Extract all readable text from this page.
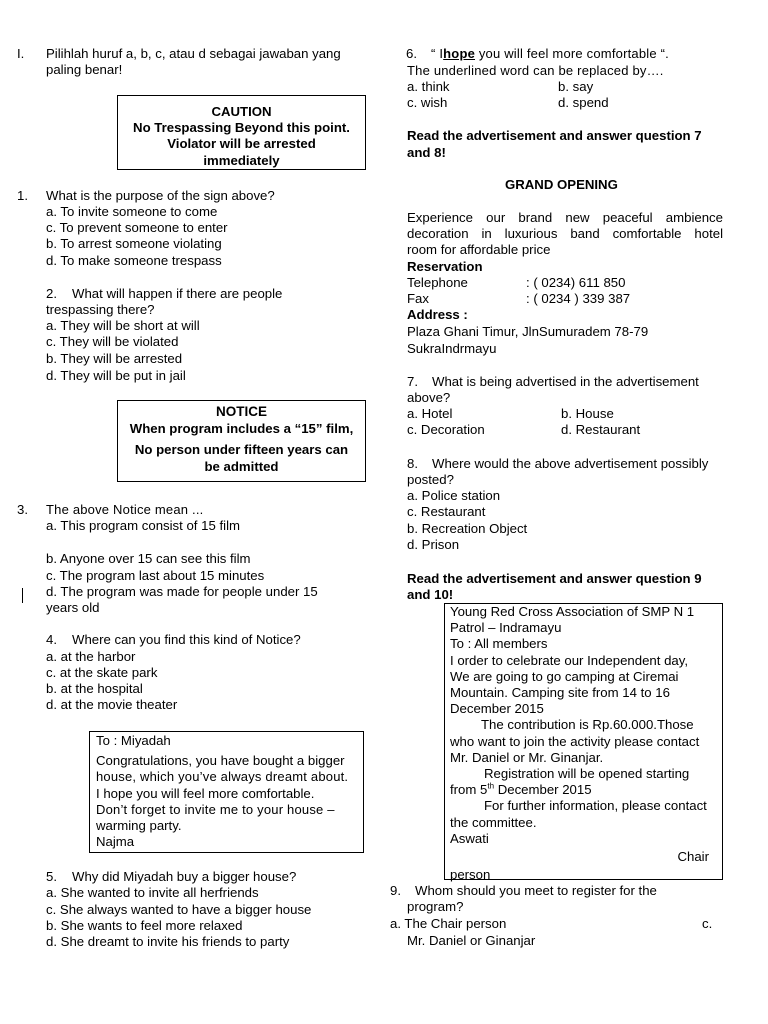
I. Pilihlah huruf a, b, c, atau d sebagai jawaban yang
paling benar!
CAUTION
No Trespassing Beyond this point.
Violator will be arrested
immediately
1. What is the purpose of the sign above?
a. To invite someone to come
c. To prevent someone to enter
b. To arrest someone violating
d. To make someone trespass
2. What will happen if there are people
trespassing there?
a. They will be short at will
c. They will be violated
b. They will be arrested
d. They will be put in jail
NOTICE
When program includes a “15” film,
No person under fifteen years can
be admitted
3. The above Notice mean ...
a. This program consist of 15 film
b. Anyone over 15 can see this film
c. The program last about 15 minutes
d. The program was made for people under 15
years old
4. Where can you find this kind of Notice?
a. at the harbor
c. at the skate park
b. at the hospital
d. at the movie theater
To : Miyadah
Congratulations, you have bought a bigger
house, which you’ve always dreamt about.
I hope you will feel more comfortable.
Don’t forget to invite me to your house –
warming party.
Najma
5. Why did Miyadah buy a bigger house?
a. She wanted to invite all herfriends
c. She always wanted to have a bigger house
b. She wants to feel more relaxed
d. She dreamt to invite his friends to party
6. “ Ihope you will feel more comfortable “.
The underlined word can be replaced by….
a. think	b. say
c. wish	d. spend
Read the advertisement and answer question 7
and 8!
GRAND OPENING
Experience our brand new peaceful ambience
decoration in luxurious band comfortable hotel
room for affordable price
Reservation
Telephone	: ( 0234) 611 850
Fax	: ( 0234 ) 339 387
Address :
Plaza Ghani Timur, JlnSumuradem 78-79
SukraIndrmayu
7. What is being advertised in the advertisement
above?
a. Hotel	b. House
c. Decoration	d. Restaurant
8. Where would the above advertisement possibly
posted?
a. Police station
c. Restaurant
b. Recreation Object
d. Prison
Read the advertisement and answer question 9
and 10!
Young Red Cross Association of SMP N 1
Patrol – Indramayu
To : All members
I order to celebrate our Independent day,
We are going to go camping at Ciremai
Mountain. Camping site from 14 to 16
December 2015
The contribution is Rp.60.000.Those
who want to join the activity please contact
Mr. Daniel or Mr. Ginanjar.
Registration will be opened starting
from 5th December 2015
For further information, please contact
the committee.
Aswati
Chair
person
9. Whom should you meet to register for the
program?
a. The Chair person	c.
Mr. Daniel or Ginanjar
